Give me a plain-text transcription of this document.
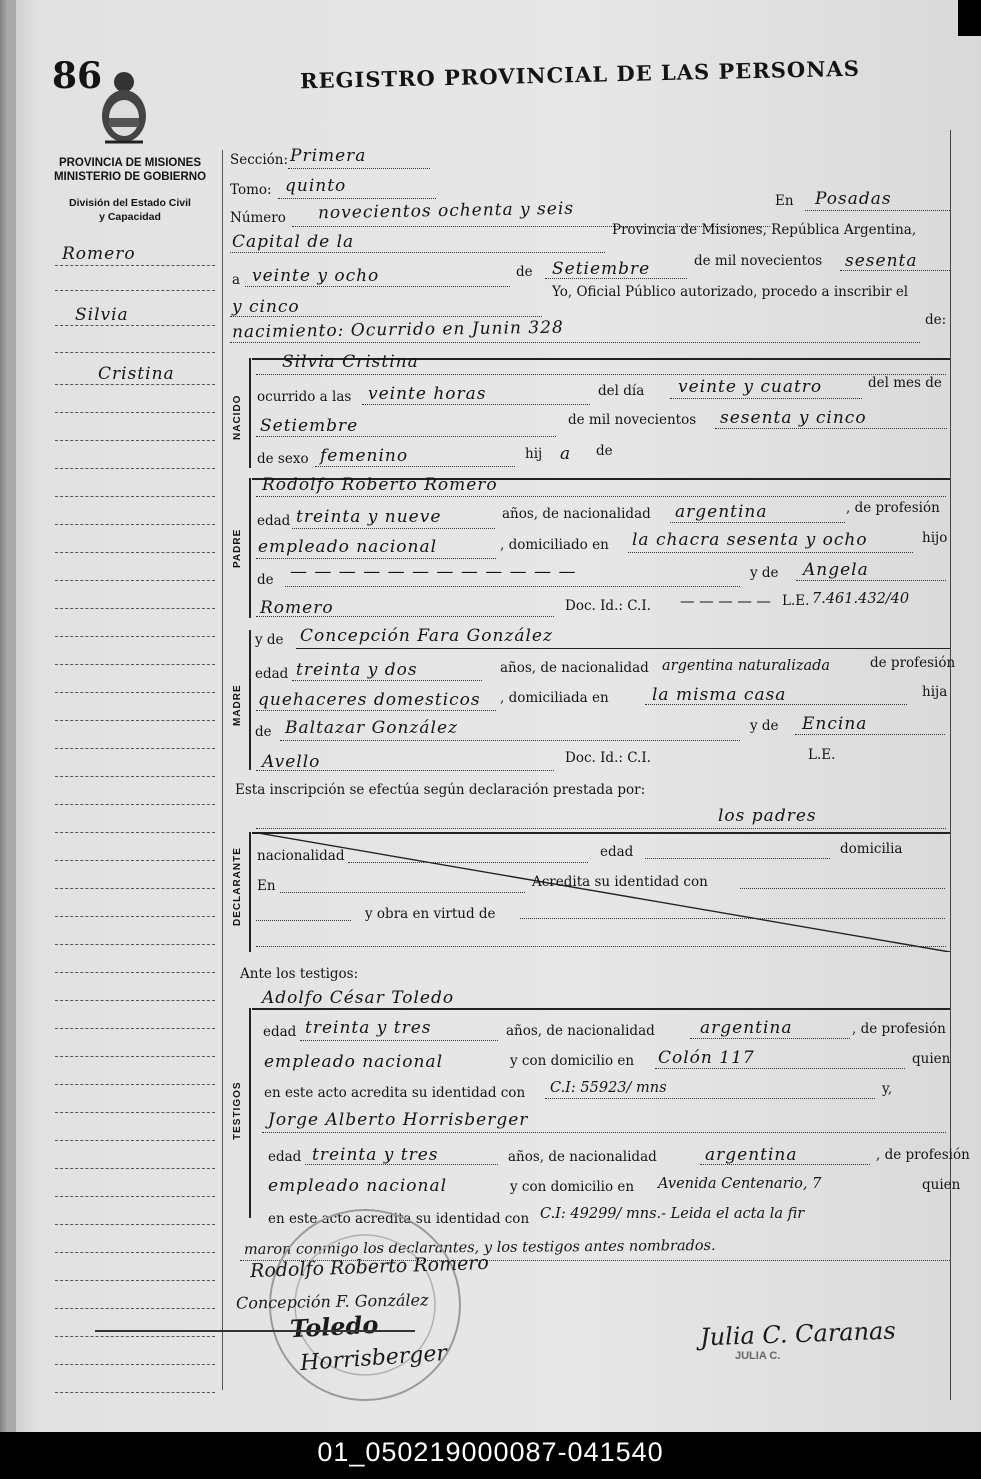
86	REGISTRO PROVINCIAL DE LAS PERSONAS
PROVINCIA DE MISIONES
MINISTERIO DE GOBIERNO
División del Estado Civil
y Capacidad
Romero
Silvia
Cristina
Sección: Primera
Tomo: quinto
Número novecientos ochenta y seis	En Posadas
Capital de la
Provincia de Misiones, República Argentina,
a veinte y ocho	de Setiembre	de mil novecientos sesenta
y cinco
Yo, Oficial Público autorizado, procedo a inscribir el
nacimiento: Ocurrido en Junin 328	de:
NACIDO
Silvia Cristina
ocurrido a las veinte horas	del día veinte y cuatro	del mes de
Setiembre	de mil novecientos sesenta y cinco
de sexo femenino	hij a de
PADRE
Rodolfo Roberto Romero
edad treinta y nueve	años, de nacionalidad argentina	, de profesión
empleado nacional	, domiciliado en la chacra sesenta y ocho	hijo
de — — — — — — — — — — — —	y de Angela
Romero	Doc. Id.: C.I. — — — — — L.E. 7.461.432/40
MADRE
y de Concepción Fara González
edad treinta y dos	años, de nacionalidad argentina naturalizada	de profesión
quehaceres domesticos , domiciliada en	la misma casa	hija
de Baltazar González	y de Encina
Avello	Doc. Id.: C.I.	L.E.
Esta inscripción se efectúa según declaración prestada por:
DECLARANTE
los padres
nacionalidad	edad	domicilia
En	Acredita su identidad con
y obra en virtud de
Ante los testigos:
TESTIGOS
Adolfo César Toledo
edad treinta y tres	años, de nacionalidad	argentina	, de profesión
empleado nacional	y con domicilio en Colón 117	quien
en este acto acredita su identidad con C.I: 55923/ mns	y,
Jorge Alberto Horrisberger
edad treinta y tres	años, de nacionalidad	argentina	, de profesión
empleado nacional	y con domicilio en Avenida Centenario, 7	quien
en este acto acredita su identidad con C.I: 49299/ mns.- Leida el acta la fir
maron conmigo los declarantes, y los testigos antes nombrados.
Rodolfo Roberto Romero
Concepción F. González
Toledo
Horrisberger
Julia C. Caranas
JULIA C.
01_050219000087-041540
